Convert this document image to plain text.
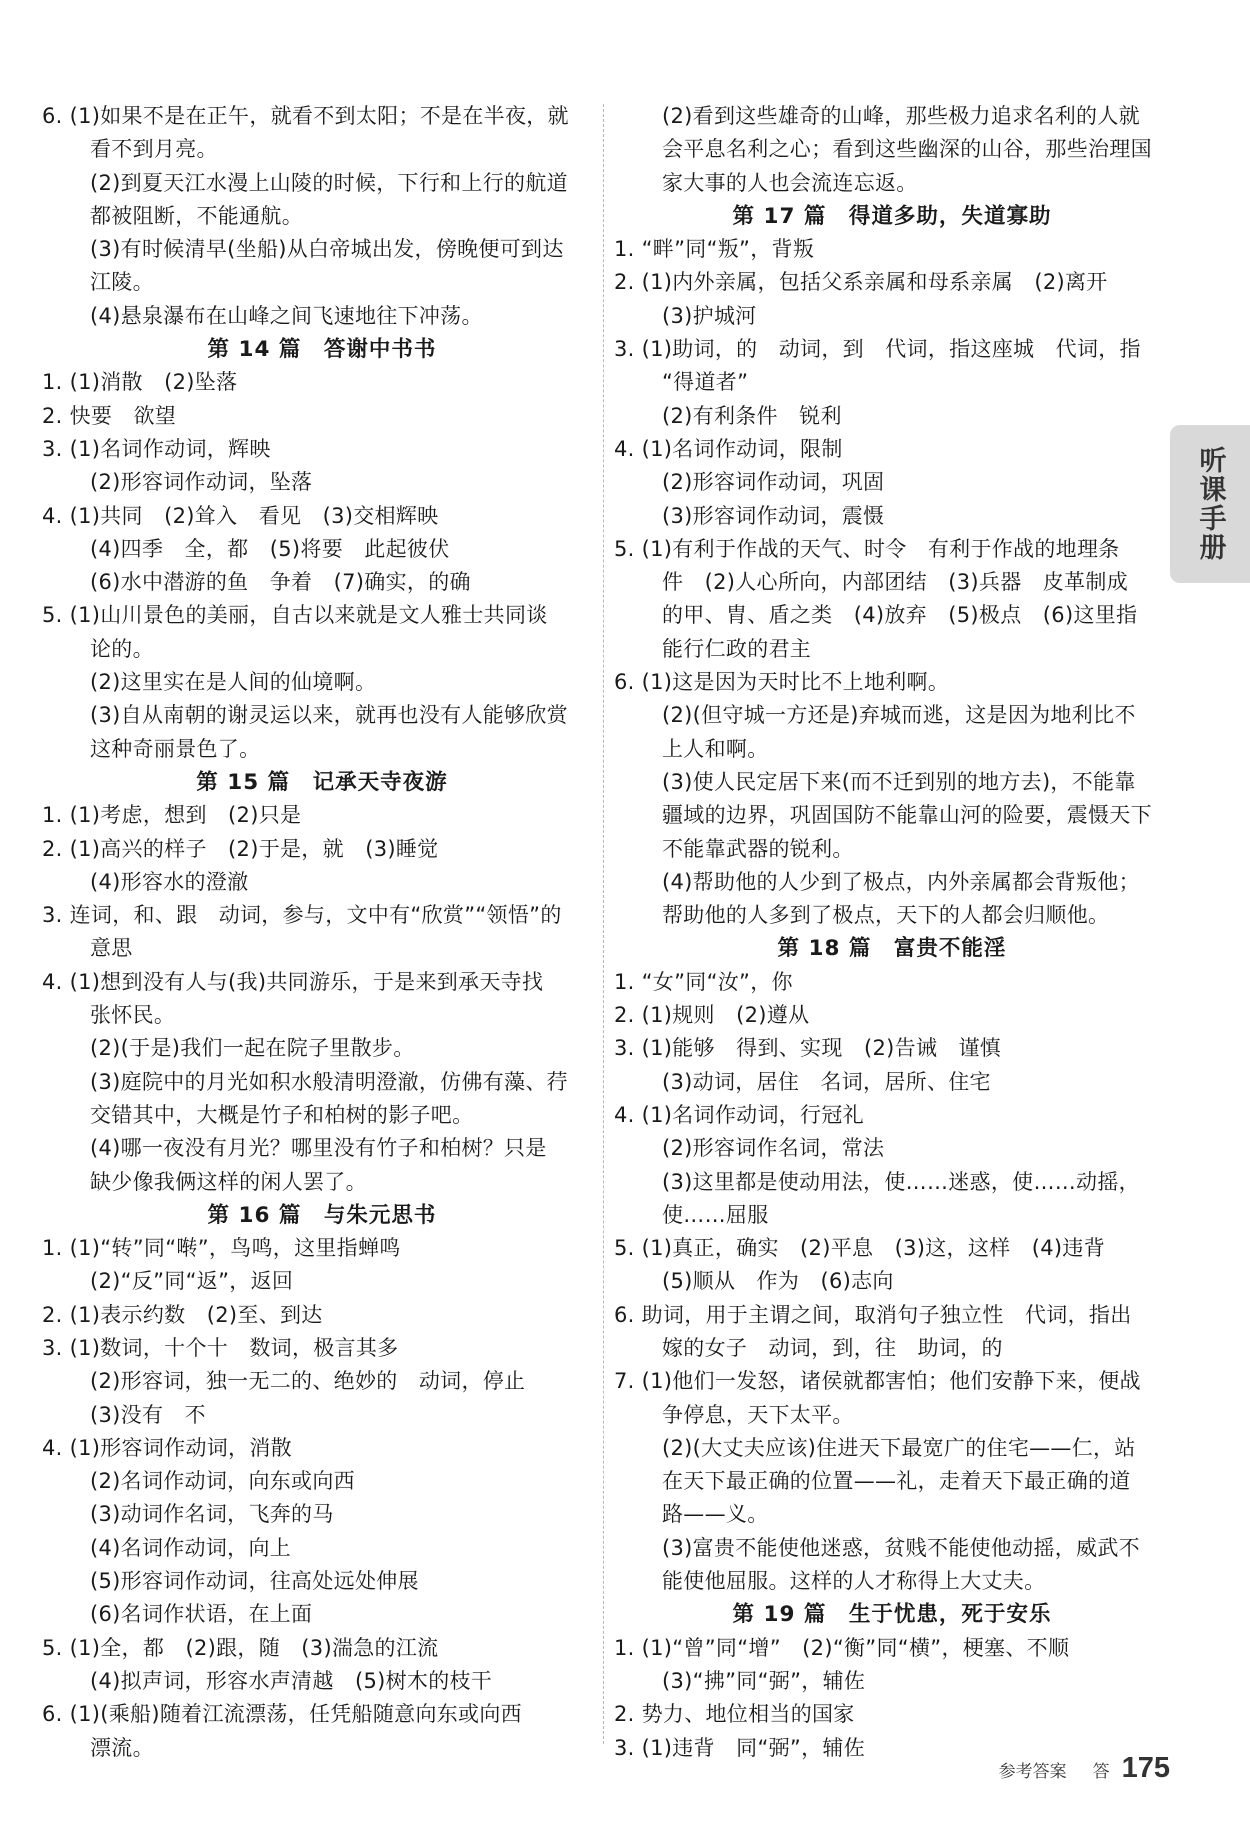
6. (1)如果不是在正午，就看不到太阳；不是在半夜，就
看不到月亮。
(2)到夏天江水漫上山陵的时候，下行和上行的航道
都被阻断，不能通航。
(3)有时候清早(坐船)从白帝城出发，傍晚便可到达
江陵。
(4)悬泉瀑布在山峰之间飞速地往下冲荡。
第 14 篇　答谢中书书
1. (1)消散　(2)坠落
2. 快要　欲望
3. (1)名词作动词，辉映
(2)形容词作动词，坠落
4. (1)共同　(2)耸入　看见　(3)交相辉映
(4)四季　全，都　(5)将要　此起彼伏
(6)水中潜游的鱼　争着　(7)确实，的确
5. (1)山川景色的美丽，自古以来就是文人雅士共同谈
论的。
(2)这里实在是人间的仙境啊。
(3)自从南朝的谢灵运以来，就再也没有人能够欣赏
这种奇丽景色了。
第 15 篇　记承天寺夜游
1. (1)考虑，想到　(2)只是
2. (1)高兴的样子　(2)于是，就　(3)睡觉
(4)形容水的澄澈
3. 连词，和、跟　动词，参与，文中有“欣赏”“领悟”的
意思
4. (1)想到没有人与(我)共同游乐，于是来到承天寺找
张怀民。
(2)(于是)我们一起在院子里散步。
(3)庭院中的月光如积水般清明澄澈，仿佛有藻、荇
交错其中，大概是竹子和柏树的影子吧。
(4)哪一夜没有月光？哪里没有竹子和柏树？只是
缺少像我俩这样的闲人罢了。
第 16 篇　与朱元思书
1. (1)“转”同“啭”，鸟鸣，这里指蝉鸣
(2)“反”同“返”，返回
2. (1)表示约数　(2)至、到达
3. (1)数词，十个十　数词，极言其多
(2)形容词，独一无二的、绝妙的　动词，停止
(3)没有　不
4. (1)形容词作动词，消散
(2)名词作动词，向东或向西
(3)动词作名词，飞奔的马
(4)名词作动词，向上
(5)形容词作动词，往高处远处伸展
(6)名词作状语，在上面
5. (1)全，都　(2)跟，随　(3)湍急的江流
(4)拟声词，形容水声清越　(5)树木的枝干
6. (1)(乘船)随着江流漂荡，任凭船随意向东或向西
漂流。
(2)看到这些雄奇的山峰，那些极力追求名利的人就
会平息名利之心；看到这些幽深的山谷，那些治理国
家大事的人也会流连忘返。
第 17 篇　得道多助，失道寡助
1. “畔”同“叛”，背叛
2. (1)内外亲属，包括父系亲属和母系亲属　(2)离开
(3)护城河
3. (1)助词，的　动词，到　代词，指这座城　代词，指
“得道者”
(2)有利条件　锐利
4. (1)名词作动词，限制
(2)形容词作动词，巩固
(3)形容词作动词，震慑
5. (1)有利于作战的天气、时令　有利于作战的地理条
件　(2)人心所向，内部团结　(3)兵器　皮革制成
的甲、胄、盾之类　(4)放弃　(5)极点　(6)这里指
能行仁政的君主
6. (1)这是因为天时比不上地利啊。
(2)(但守城一方还是)弃城而逃，这是因为地利比不
上人和啊。
(3)使人民定居下来(而不迁到别的地方去)，不能靠
疆域的边界，巩固国防不能靠山河的险要，震慑天下
不能靠武器的锐利。
(4)帮助他的人少到了极点，内外亲属都会背叛他；
帮助他的人多到了极点，天下的人都会归顺他。
第 18 篇　富贵不能淫
1. “女”同“汝”，你
2. (1)规则　(2)遵从
3. (1)能够　得到、实现　(2)告诫　谨慎
(3)动词，居住　名词，居所、住宅
4. (1)名词作动词，行冠礼
(2)形容词作名词，常法
(3)这里都是使动用法，使……迷惑，使……动摇，
使……屈服
5. (1)真正，确实　(2)平息　(3)这，这样　(4)违背
(5)顺从　作为　(6)志向
6. 助词，用于主谓之间，取消句子独立性　代词，指出
嫁的女子　动词，到，往　助词，的
7. (1)他们一发怒，诸侯就都害怕；他们安静下来，便战
争停息，天下太平。
(2)(大丈夫应该)住进天下最宽广的住宅——仁，站
在天下最正确的位置——礼，走着天下最正确的道
路——义。
(3)富贵不能使他迷惑，贫贱不能使他动摇，威武不
能使他屈服。这样的人才称得上大丈夫。
第 19 篇　生于忧患，死于安乐
1. (1)“曾”同“增”　(2)“衡”同“横”，梗塞、不顺
(3)“拂”同“弼”，辅佐
2. 势力、地位相当的国家
3. (1)违背　同“弼”，辅佐
听课手册
参考答案 答 175
